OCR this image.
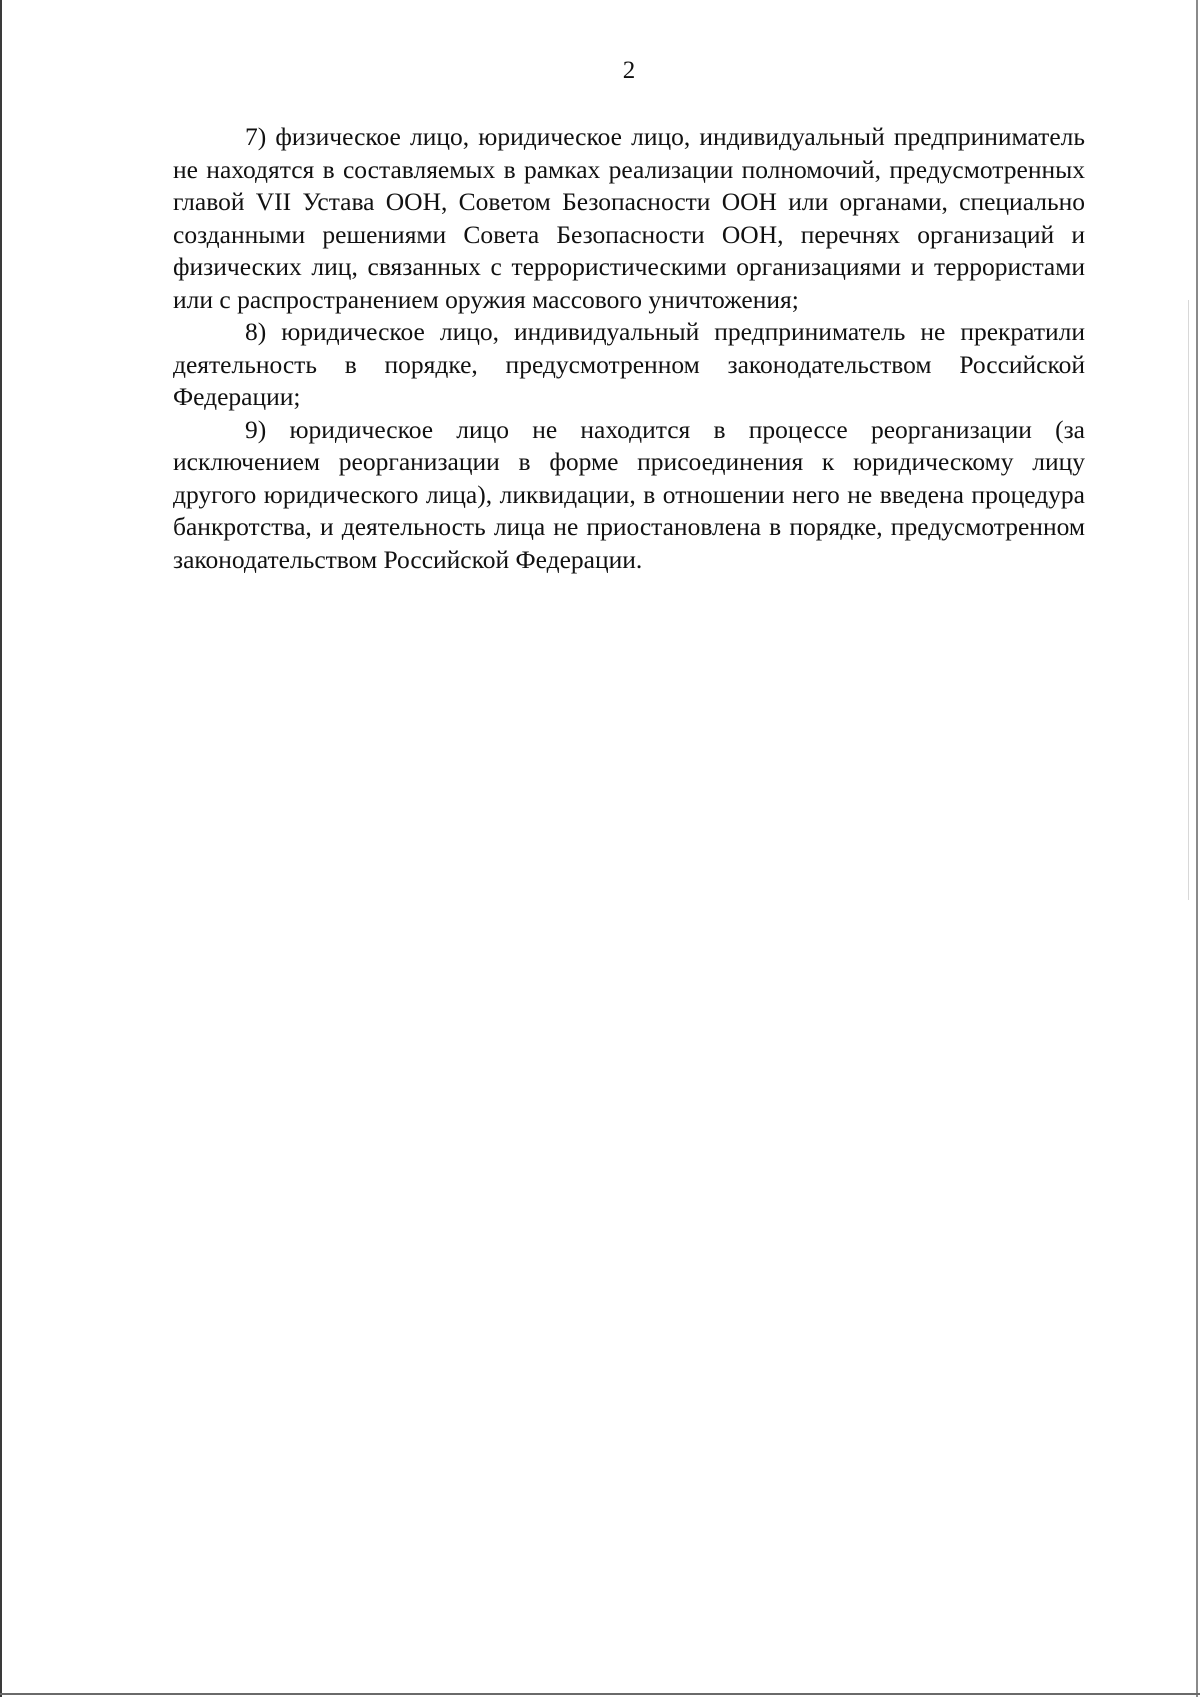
2

7) физическое лицо, юридическое лицо, индивидуальный предприниматель не находятся в составляемых в рамках реализации полномочий, предусмотренных главой VII Устава ООН, Советом Безопасности ООН или органами, специально созданными решениями Совета Безопасности ООН, перечнях организаций и физических лиц, связанных с террористическими организациями и террористами или с распространением оружия массового уничтожения;

8) юридическое лицо, индивидуальный предприниматель не прекратили деятельность в порядке, предусмотренном законодательством Российской Федерации;

9) юридическое лицо не находится в процессе реорганизации (за исключением реорганизации в форме присоединения к юридическому лицу другого юридического лица), ликвидации, в отношении него не введена процедура банкротства, и деятельность лица не приостановлена в порядке, предусмотренном законодательством Российской Федерации.
